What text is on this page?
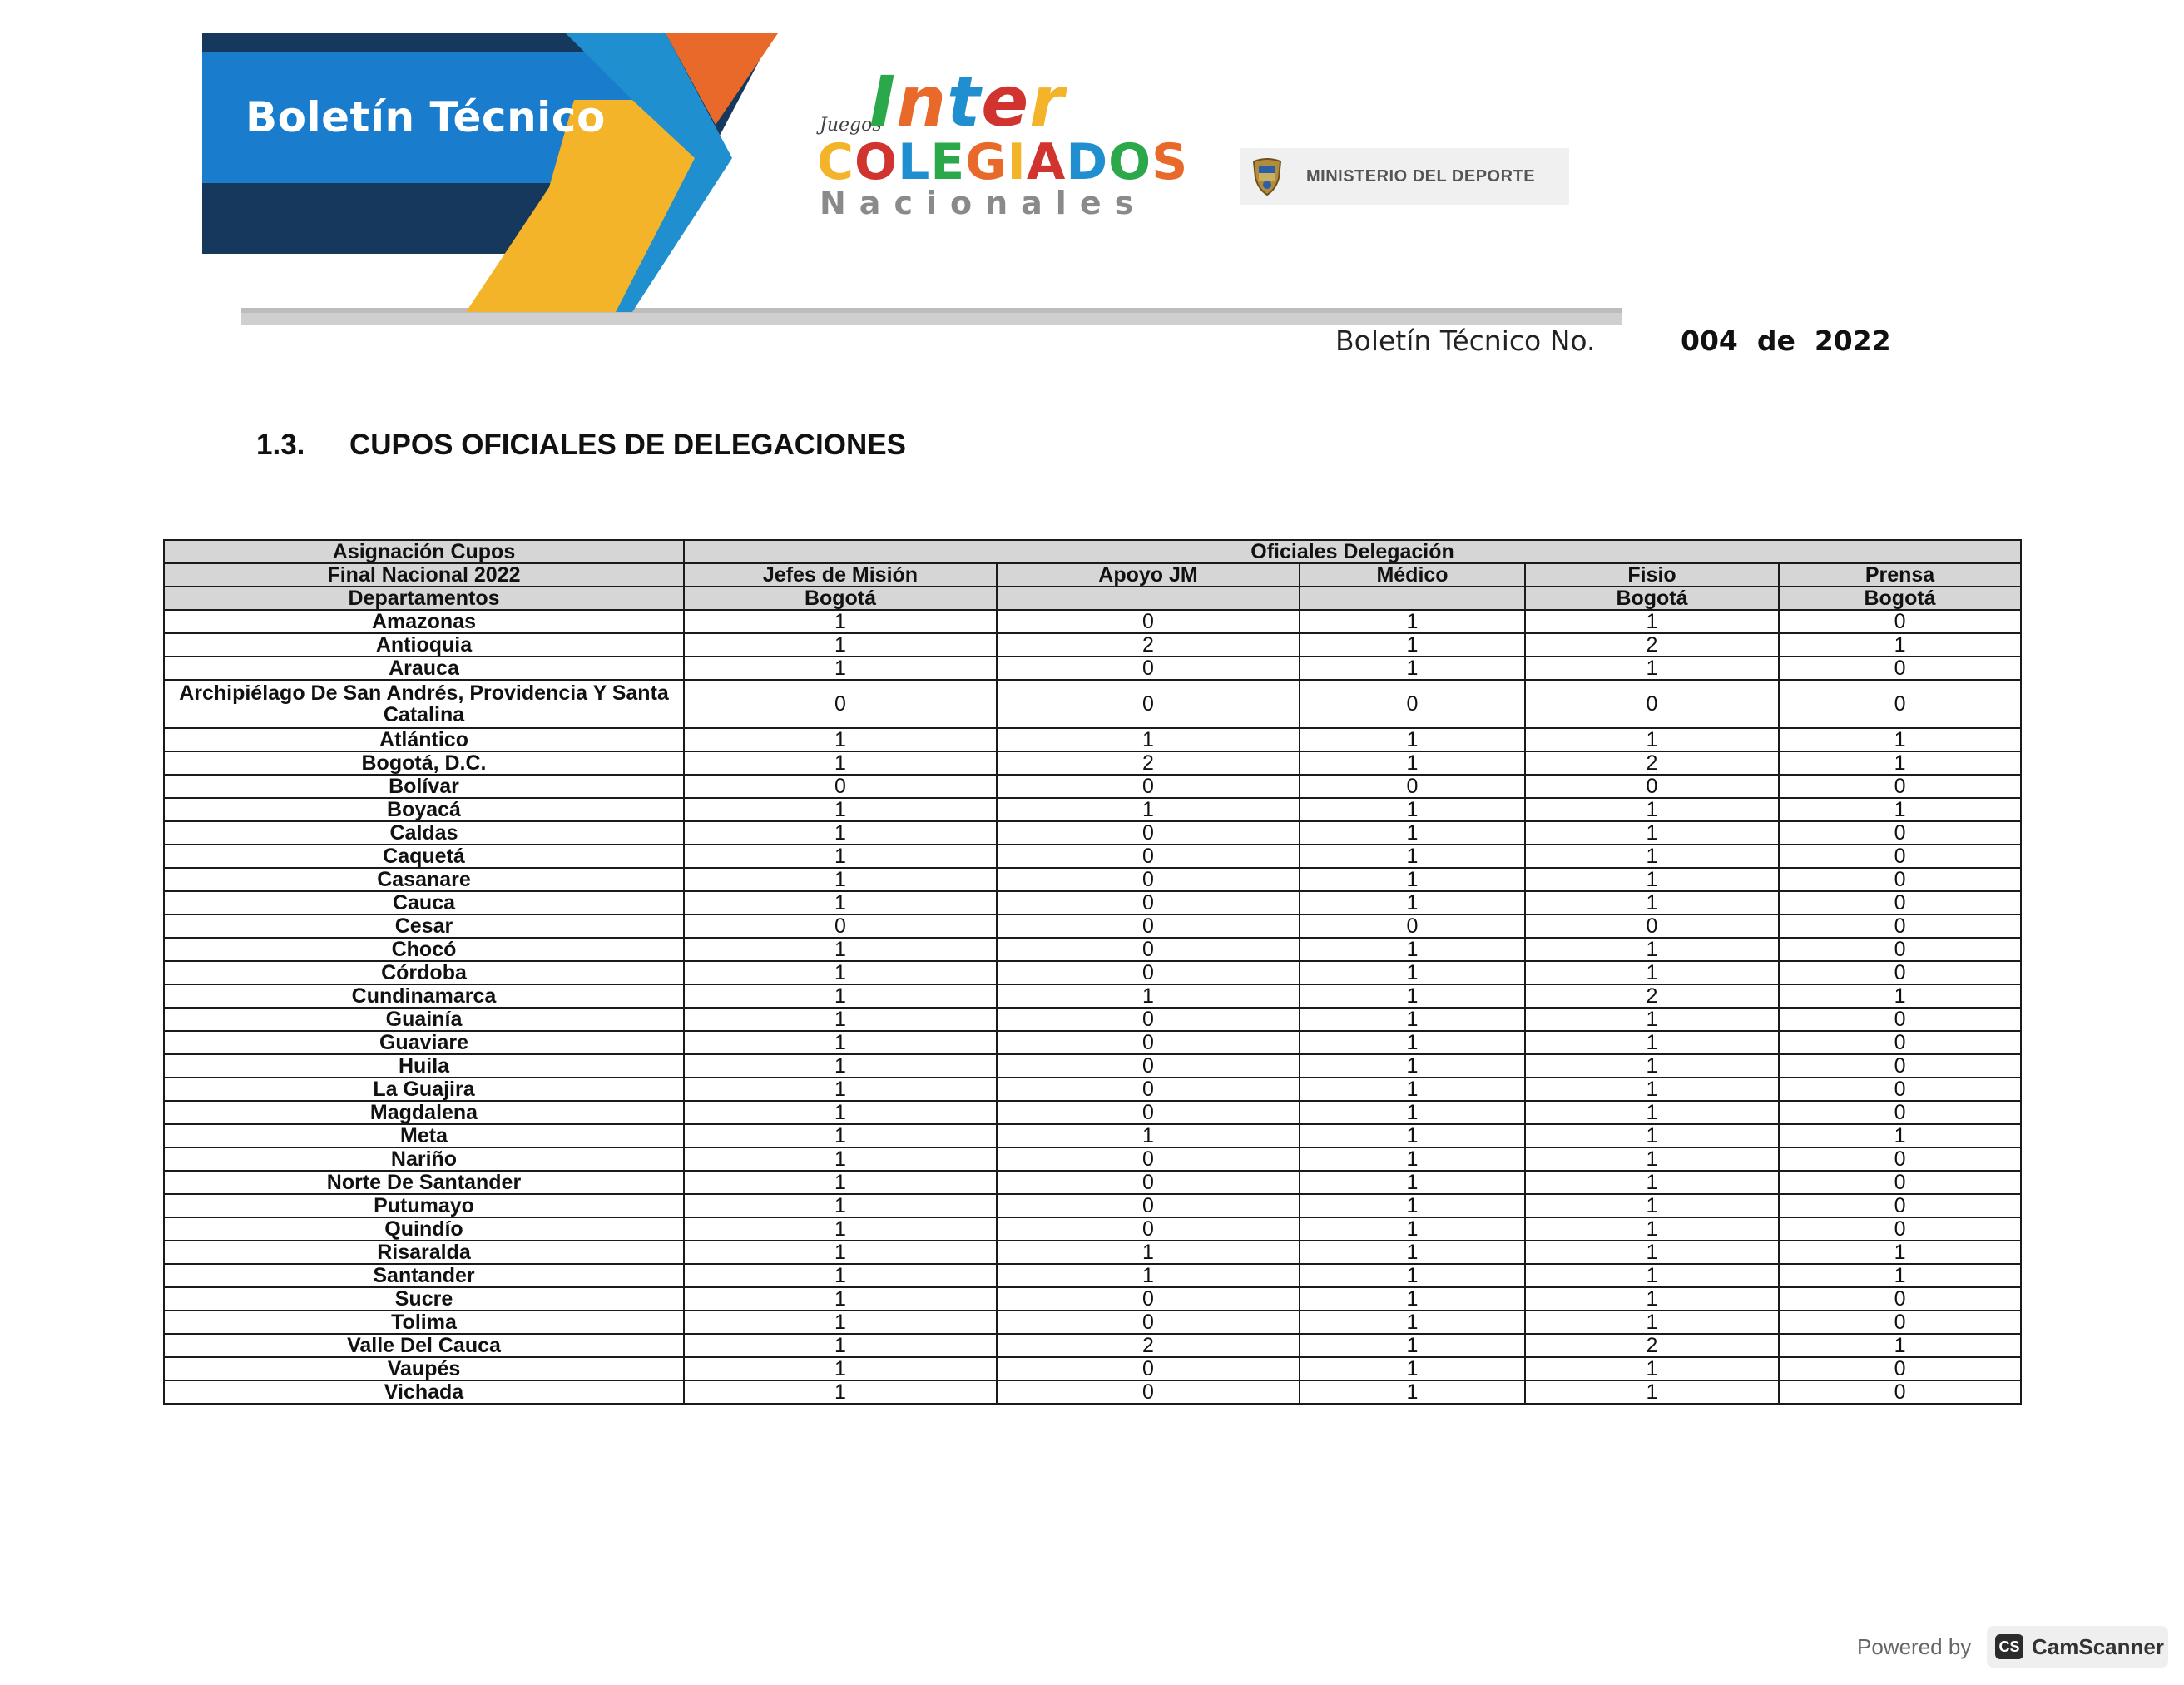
Boletín Técnico	Juegos
Inter
COLEGIADOS
Nacionales
MINISTERIO DEL DEPORTE
Boletín Técnico No.	004  de  2022
1.3. CUPOS OFICIALES DE DELEGACIONES
Asignación Cupos	Oficiales Delegación				
Final Nacional 2022	Jefes de Misión	Apoyo JM	Médico	Fisio	Prensa
Departamentos	Bogotá			Bogotá	Bogotá
Amazonas	1	0	1	1	0
Antioquia	1	2	1	2	1
Arauca	1	0	1	1	0
Archipiélago De San Andrés, Providencia Y Santa Catalina	0	0	0	0	0
Atlántico	1	1	1	1	1
Bogotá, D.C.	1	2	1	2	1
Bolívar	0	0	0	0	0
Boyacá	1	1	1	1	1
Caldas	1	0	1	1	0
Caquetá	1	0	1	1	0
Casanare	1	0	1	1	0
Cauca	1	0	1	1	0
Cesar	0	0	0	0	0
Chocó	1	0	1	1	0
Córdoba	1	0	1	1	0
Cundinamarca	1	1	1	2	1
Guainía	1	0	1	1	0
Guaviare	1	0	1	1	0
Huila	1	0	1	1	0
La Guajira	1	0	1	1	0
Magdalena	1	0	1	1	0
Meta	1	1	1	1	1
Nariño	1	0	1	1	0
Norte De Santander	1	0	1	1	0
Putumayo	1	0	1	1	0
Quindío	1	0	1	1	0
Risaralda	1	1	1	1	1
Santander	1	1	1	1	1
Sucre	1	0	1	1	0
Tolima	1	0	1	1	0
Valle Del Cauca	1	2	1	2	1
Vaupés	1	0	1	1	0
Vichada	1	0	1	1	0
Powered by CS CamScanner
